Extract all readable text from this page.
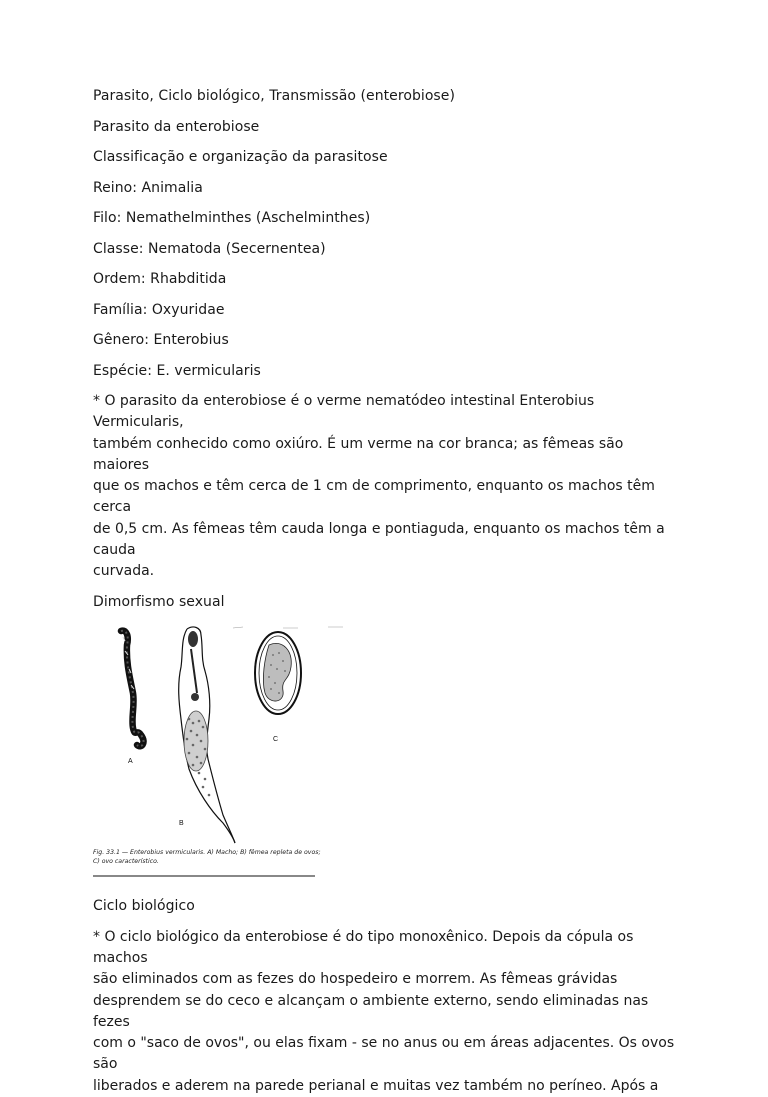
Parasito, Ciclo biológico, Transmissão (enterobiose)

Parasito da enterobiose

Classificação e organização da parasitose

Reino: Animalia

Filo: Nemathelminthes (Aschelminthes)

Classe: Nematoda (Secernentea)

Ordem: Rhabditida

Família: Oxyuridae

Gênero: Enterobius

Espécie: E. vermicularis

* O parasito da enterobiose é o verme nematódeo intestinal Enterobius Vermicularis,

também conhecido como oxiúro. É um verme na cor branca; as fêmeas são maiores

que os machos e têm cerca de 1 cm de comprimento, enquanto os machos têm cerca

de 0,5 cm. As fêmeas têm cauda longa e pontiaguda, enquanto os machos têm a cauda

curvada.

Dimorfismo sexual

A
B
C
Fig. 33.1 — Enterobius vermicularis. A) Macho; B) fêmea repleta de ovos;
C) ovo característico.

Ciclo biológico

* O ciclo biológico da enterobiose é do tipo monoxênico. Depois da cópula os machos

são eliminados com as fezes do hospedeiro e morrem. As fêmeas grávidas

desprendem se do ceco e alcançam o ambiente externo, sendo eliminadas nas fezes

com o "saco de ovos", ou elas fixam - se no anus ou em áreas adjacentes. Os ovos são

liberados e aderem na parede perianal e muitas vez também no períneo. Após a
